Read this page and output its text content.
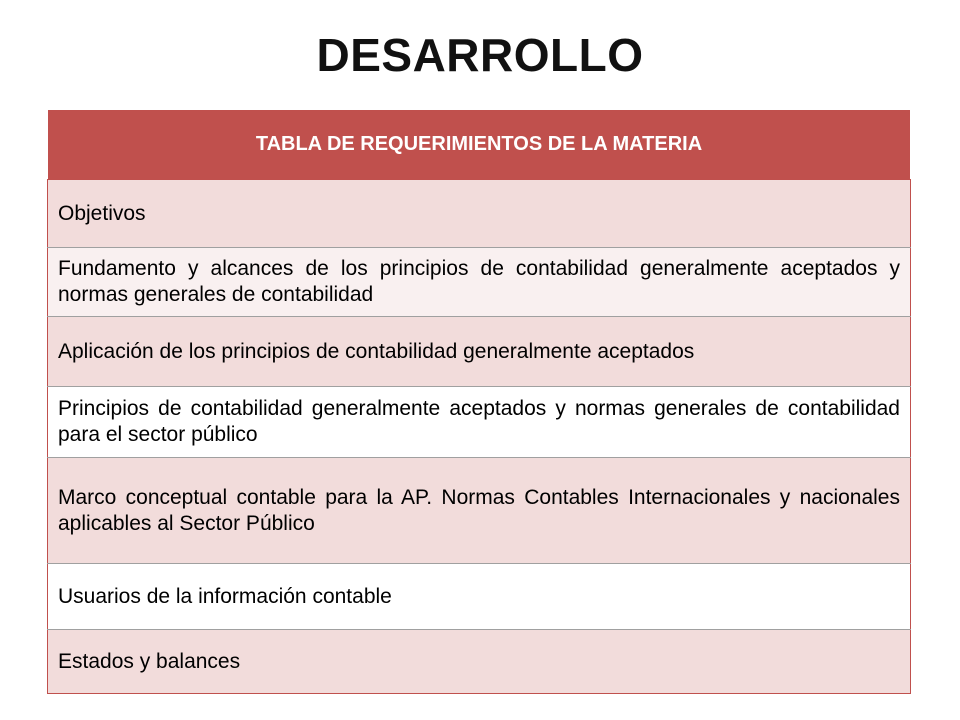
DESARROLLO
TABLA DE REQUERIMIENTOS DE LA MATERIA
Objetivos
Fundamento y alcances de los principios de contabilidad generalmente aceptados y normas generales de contabilidad
Aplicación de los principios de contabilidad generalmente aceptados
Principios de contabilidad generalmente aceptados y normas generales de contabilidad para el sector público
Marco conceptual contable para la AP. Normas Contables Internacionales y nacionales aplicables al Sector Público
Usuarios de la información contable
Estados y balances
